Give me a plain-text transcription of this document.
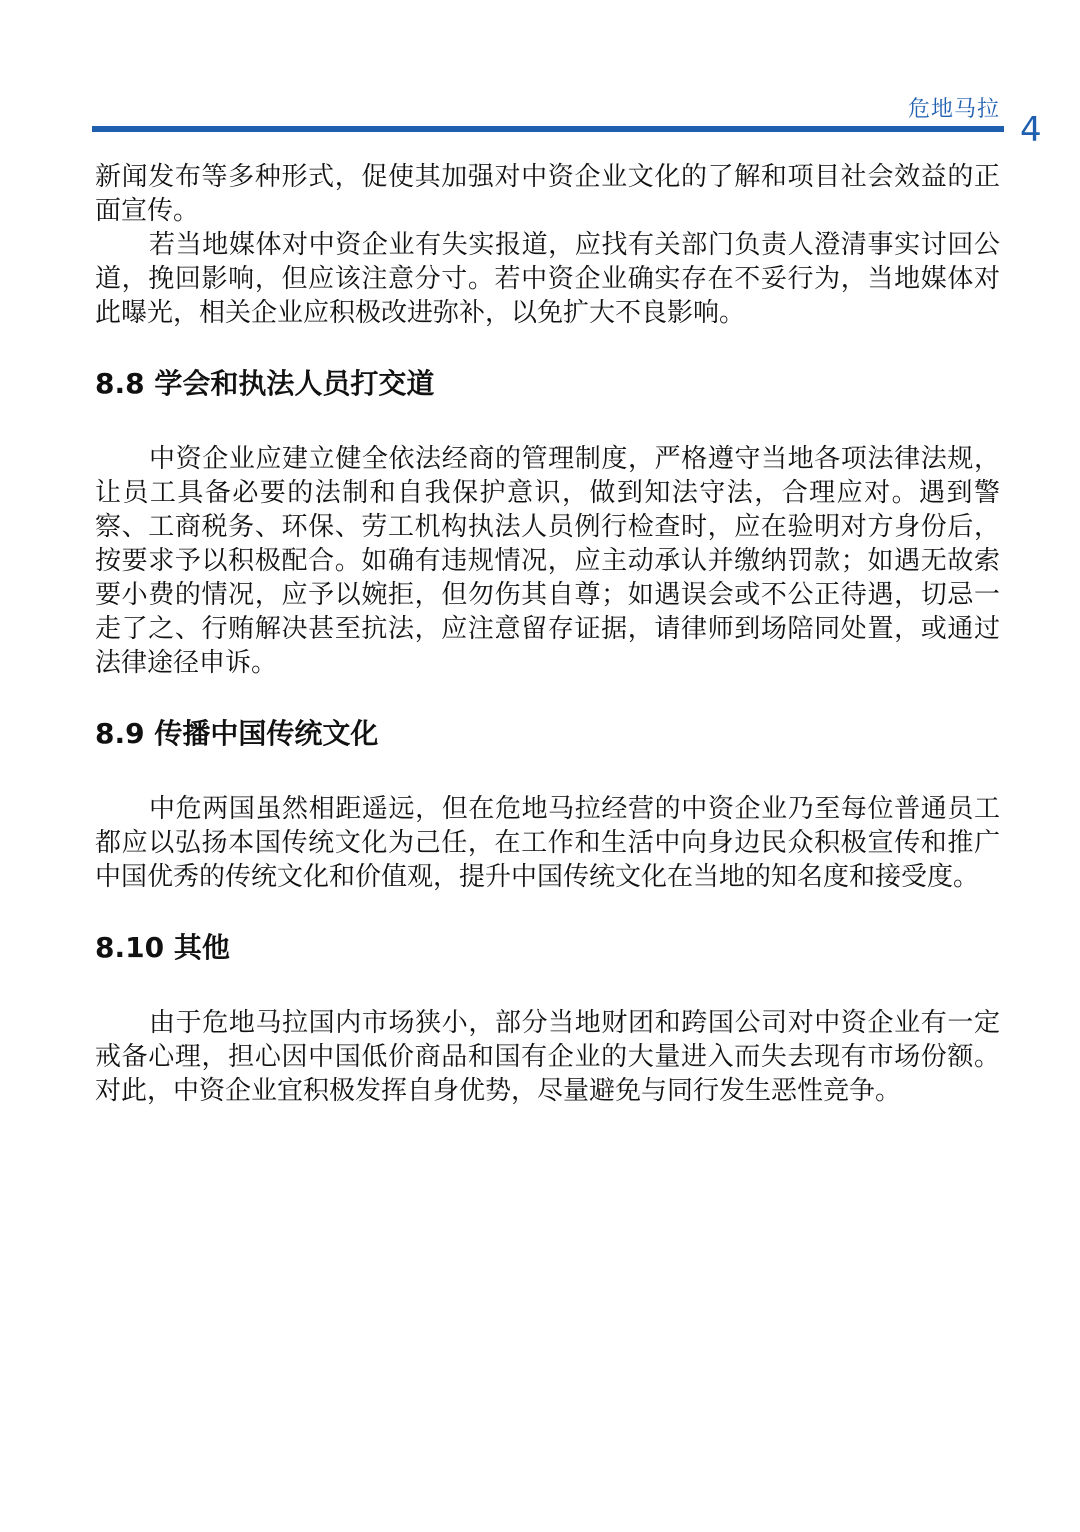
危地马拉
4

新闻发布等多种形式，促使其加强对中资企业文化的了解和项目社会效益的正面宣传。

若当地媒体对中资企业有失实报道，应找有关部门负责人澄清事实讨回公道，挽回影响，但应该注意分寸。若中资企业确实存在不妥行为，当地媒体对此曝光，相关企业应积极改进弥补，以免扩大不良影响。

8.8 学会和执法人员打交道

中资企业应建立健全依法经商的管理制度，严格遵守当地各项法律法规，让员工具备必要的法制和自我保护意识，做到知法守法，合理应对。遇到警察、工商税务、环保、劳工机构执法人员例行检查时，应在验明对方身份后，按要求予以积极配合。如确有违规情况，应主动承认并缴纳罚款；如遇无故索要小费的情况，应予以婉拒，但勿伤其自尊；如遇误会或不公正待遇，切忌一走了之、行贿解决甚至抗法，应注意留存证据，请律师到场陪同处置，或通过法律途径申诉。

8.9 传播中国传统文化

中危两国虽然相距遥远，但在危地马拉经营的中资企业乃至每位普通员工都应以弘扬本国传统文化为己任，在工作和生活中向身边民众积极宣传和推广中国优秀的传统文化和价值观，提升中国传统文化在当地的知名度和接受度。

8.10 其他

由于危地马拉国内市场狭小，部分当地财团和跨国公司对中资企业有一定戒备心理，担心因中国低价商品和国有企业的大量进入而失去现有市场份额。对此，中资企业宜积极发挥自身优势，尽量避免与同行发生恶性竞争。
